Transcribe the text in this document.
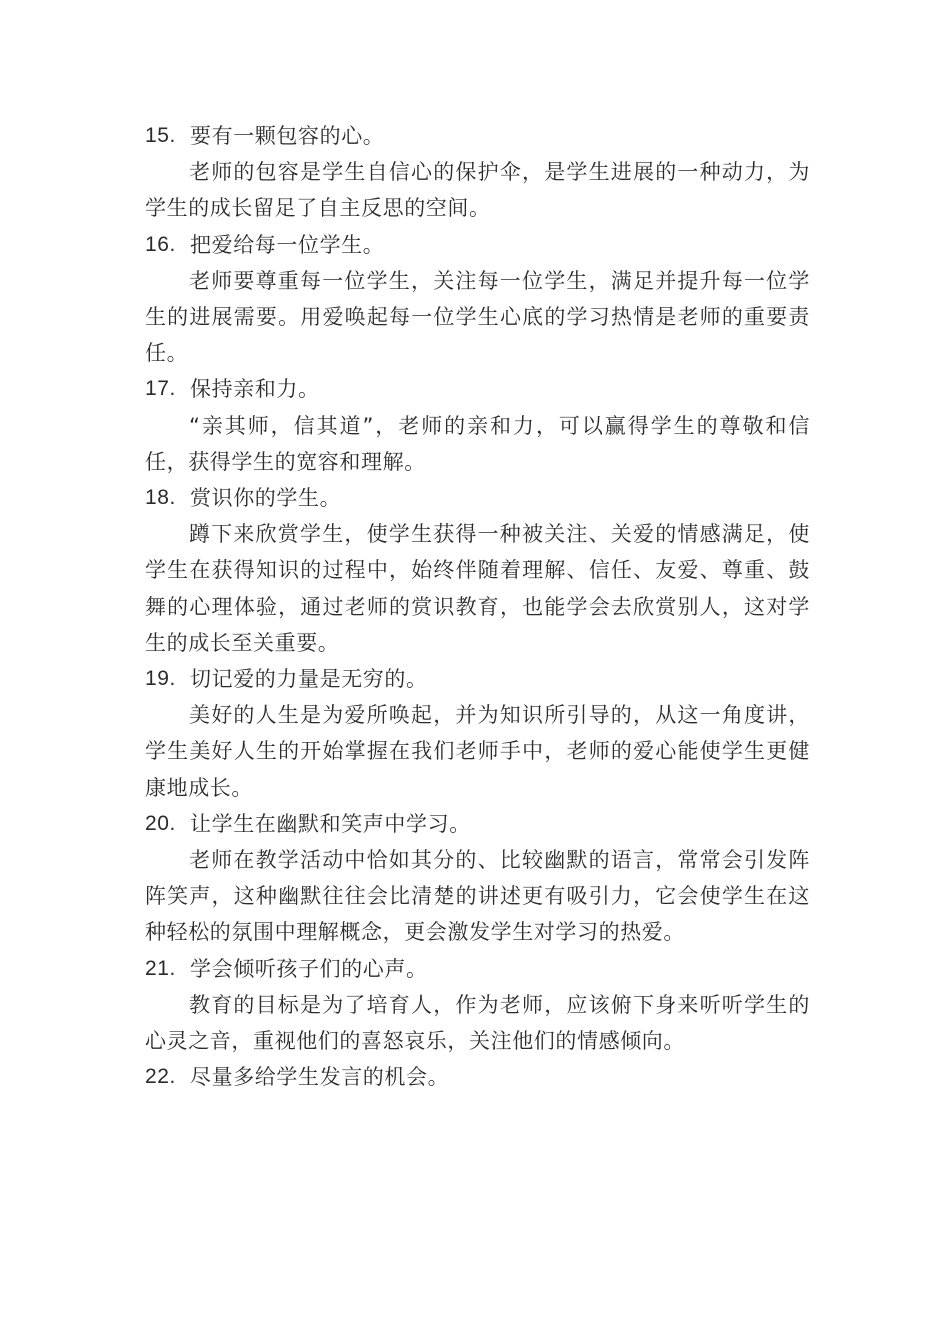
15. 要有一颗包容的心。
老师的包容是学生自信心的保护伞，是学生进展的一种动力，为学生的成长留足了自主反思的空间。
16. 把爱给每一位学生。
老师要尊重每一位学生，关注每一位学生，满足并提升每一位学生的进展需要。用爱唤起每一位学生心底的学习热情是老师的重要责任。
17. 保持亲和力。
“亲其师，信其道”，老师的亲和力，可以赢得学生的尊敬和信任，获得学生的宽容和理解。
18. 赏识你的学生。
蹲下来欣赏学生，使学生获得一种被关注、关爱的情感满足，使学生在获得知识的过程中，始终伴随着理解、信任、友爱、尊重、鼓舞的心理体验，通过老师的赏识教育，也能学会去欣赏别人，这对学生的成长至关重要。
19. 切记爱的力量是无穷的。
美好的人生是为爱所唤起，并为知识所引导的，从这一角度讲，学生美好人生的开始掌握在我们老师手中，老师的爱心能使学生更健康地成长。
20. 让学生在幽默和笑声中学习。
老师在教学活动中恰如其分的、比较幽默的语言，常常会引发阵阵笑声，这种幽默往往会比清楚的讲述更有吸引力，它会使学生在这种轻松的氛围中理解概念，更会激发学生对学习的热爱。
21. 学会倾听孩子们的心声。
教育的目标是为了培育人，作为老师，应该俯下身来听听学生的心灵之音，重视他们的喜怒哀乐，关注他们的情感倾向。
22. 尽量多给学生发言的机会。
